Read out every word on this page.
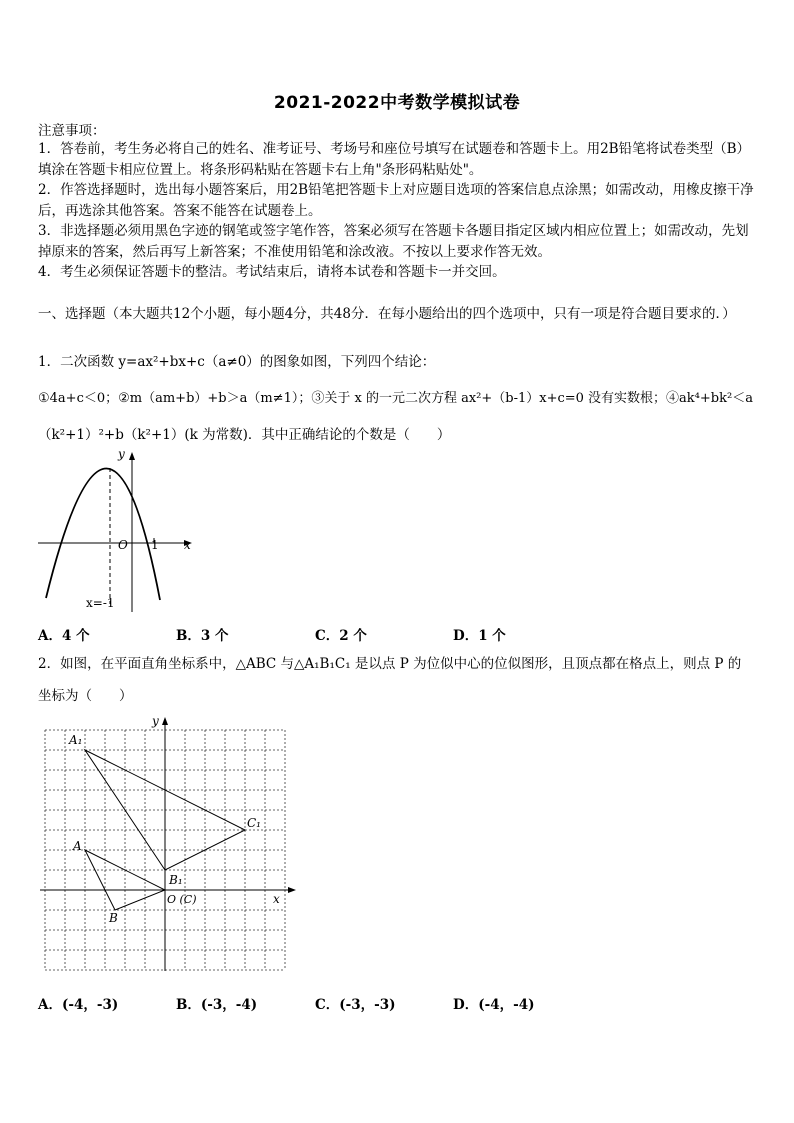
2021-2022中考数学模拟试卷
注意事项：
1．答卷前，考生务必将自己的姓名、准考证号、考场号和座位号填写在试题卷和答题卡上。用2B铅笔将试卷类型（B）填涂在答题卡相应位置上。将条形码粘贴在答题卡右上角"条形码粘贴处"。
2．作答选择题时，选出每小题答案后，用2B铅笔把答题卡上对应题目选项的答案信息点涂黑；如需改动，用橡皮擦干净后，再选涂其他答案。答案不能答在试题卷上。
3．非选择题必须用黑色字迹的钢笔或签字笔作答，答案必须写在答题卡各题目指定区域内相应位置上；如需改动，先划掉原来的答案，然后再写上新答案；不准使用铅笔和涂改液。不按以上要求作答无效。
4．考生必须保证答题卡的整洁。考试结束后，请将本试卷和答题卡一并交回。
一、选择题（本大题共12个小题，每小题4分，共48分．在每小题给出的四个选项中，只有一项是符合题目要求的．）
1．二次函数 y=ax²+bx+c（a≠0）的图象如图，下列四个结论：
①4a+c＜0；②m（am+b）+b＞a（m≠1）；③关于 x 的一元二次方程 ax²+（b-1）x+c=0 没有实数根；④ak⁴+bk²＜a
（k²+1）²+b（k²+1）(k 为常数)．其中正确结论的个数是（　　）
y
x
O 1
x=-1
A．4 个	B．3 个	C．2 个	D．1 个
2．如图，在平面直角坐标系中，△ABC 与△A₁B₁C₁ 是以点 P 为位似中心的位似图形，且顶点都在格点上，则点 P 的
坐标为（　　）
y
x
O (C)
A₁
C₁
B₁
A
B
A．(-4，-3)	B．(-3，-4)	C．(-3，-3)	D．(-4，-4)
